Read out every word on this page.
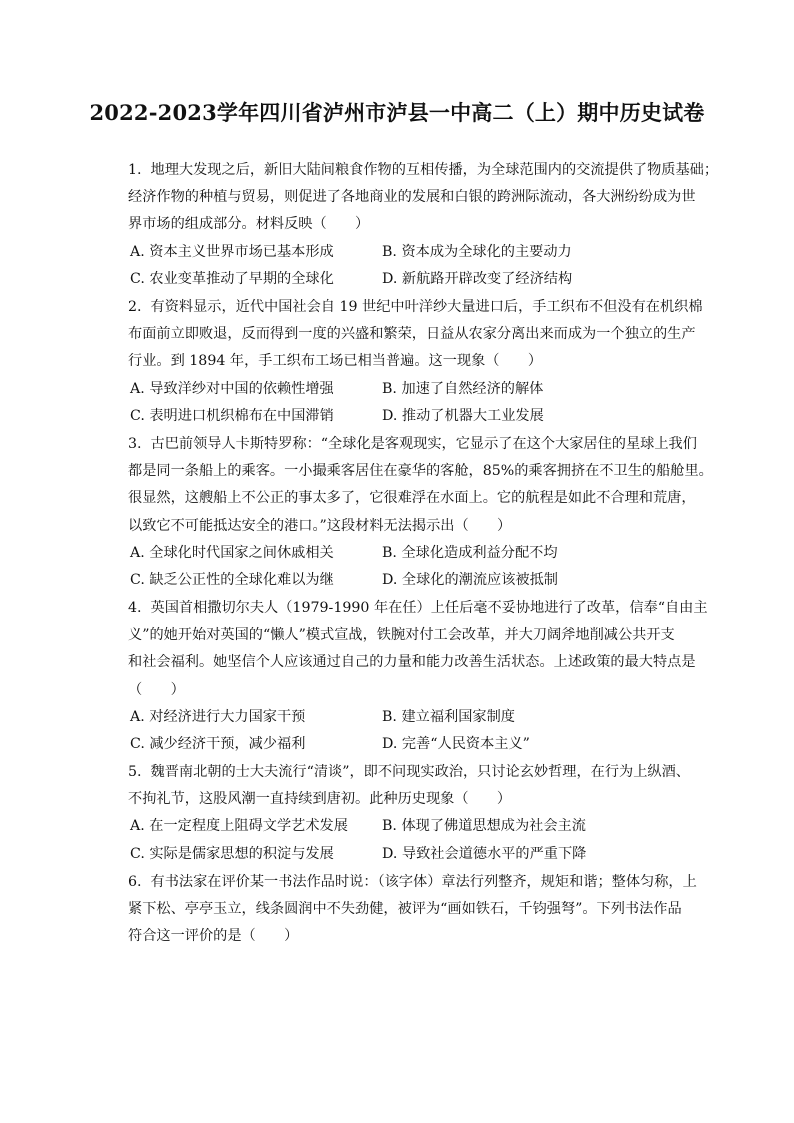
2022-2023学年四川省泸州市泸县一中高二（上）期中历史试卷
1. 地理大发现之后，新旧大陆间粮食作物的互相传播，为全球范围内的交流提供了物质基础；
经济作物的种植与贸易，则促进了各地商业的发展和白银的跨洲际流动，各大洲纷纷成为世
界市场的组成部分。材料反映（　　）
A. 资本主义世界市场已基本形成	B. 资本成为全球化的主要动力
C. 农业变革推动了早期的全球化	D. 新航路开辟改变了经济结构
2. 有资料显示，近代中国社会自 19 世纪中叶洋纱大量进口后，手工织布不但没有在机织棉
布面前立即败退，反而得到一度的兴盛和繁荣，日益从农家分离出来而成为一个独立的生产
行业。到 1894 年，手工织布工场已相当普遍。这一现象（　　）
A. 导致洋纱对中国的依赖性增强	B. 加速了自然经济的解体
C. 表明进口机织棉布在中国滞销	D. 推动了机器大工业发展
3. 古巴前领导人卡斯特罗称：“全球化是客观现实，它显示了在这个大家居住的星球上我们
都是同一条船上的乘客。一小撮乘客居住在豪华的客舱，85%的乘客拥挤在不卫生的船舱里。
很显然，这艘船上不公正的事太多了，它很难浮在水面上。它的航程是如此不合理和荒唐，
以致它不可能抵达安全的港口。”这段材料无法揭示出（　　）
A. 全球化时代国家之间休戚相关	B. 全球化造成利益分配不均
C. 缺乏公正性的全球化难以为继	D. 全球化的潮流应该被抵制
4. 英国首相撒切尔夫人（1979-1990 年在任）上任后毫不妥协地进行了改革，信奉“自由主
义”的她开始对英国的“懒人”模式宣战，铁腕对付工会改革，并大刀阔斧地削减公共开支
和社会福利。她坚信个人应该通过自己的力量和能力改善生活状态。上述政策的最大特点是
（　　）
A. 对经济进行大力国家干预	B. 建立福利国家制度
C. 减少经济干预，减少福利	D. 完善“人民资本主义”
5. 魏晋南北朝的士大夫流行“清谈”，即不问现实政治，只讨论玄妙哲理，在行为上纵酒、
不拘礼节，这股风潮一直持续到唐初。此种历史现象（　　）
A. 在一定程度上阻碍文学艺术发展	B. 体现了佛道思想成为社会主流
C. 实际是儒家思想的积淀与发展	D. 导致社会道德水平的严重下降
6. 有书法家在评价某一书法作品时说：（该字体）章法行列整齐，规矩和谐；整体匀称，上
紧下松、亭亭玉立，线条圆润中不失劲健，被评为“画如铁石，千钧强弩”。下列书法作品
符合这一评价的是（　　）
